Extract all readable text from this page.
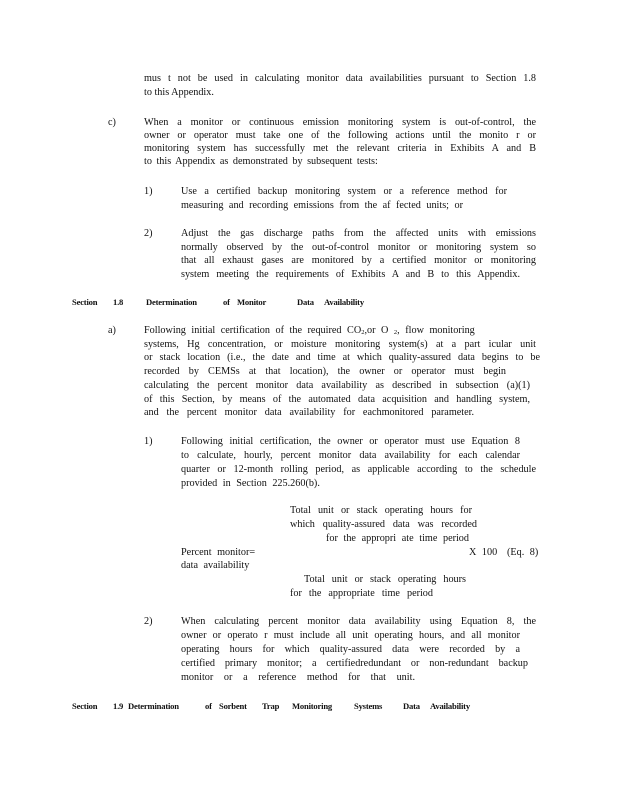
mus t not be used in calculating monitor data availabilities pursuant to Section 1.8
to this Appendix.
c)	When a monitor or continuous emission monitoring system is out-of-control, the
owner or operator must take one of the following actions until the monito r or
monitoring system has successfully met the relevant criteria in Exhibits A and B
to this Appendix as demonstrated by subsequent tests:
1)	Use a certified backup monitoring system or a reference method for
measuring and recording emissions from the af fected units; or
2)	Adjust the gas discharge paths from the affected units with emissions
normally observed by the out-of-control monitor or monitoring system so
that all exhaust gases are monitored by a certified monitor or monitoring
system meeting the requirements of Exhibits A and B to this Appendix.
Section 1.8	Determination	of Monitor	Data Availability
a)	Following initial certification of the required $CO_2,or$ O $_2$, flow monitoring
systems, Hg concentration, or moisture monitoring system(s) at a part icular unit
or stack location (i.e., the date and time at which quality-assured data begins to be
recorded by CEMSs at that location), the owner or operator must begin
calculating the percent monitor data availability as described in subsection (a)(1)
of this Section, by means of the automated data acquisition and handling system,
and the percent monitor data availability for eachmonitored parameter.
1)	Following initial certification, the owner or operator must use Equation 8
to calculate, hourly, percent monitor data availability for each calendar
quarter or 12-month rolling period, as applicable according to the schedule
provided in Section 225.260(b).
Total unit or stack operating hours for
which quality-assured data was recorded
for the appropri ate time period
Percent monitor=
data availability
X 100 (Eq. 8)
Total unit or stack operating hours
for the appropriate time period
2)	When calculating percent monitor data availability using Equation 8, the
owner or operato r must include all unit operating hours, and all monitor
operating hours for which quality-assured data were recorded by a
certified primary monitor; a certifiedredundant or non-redundant backup
monitor or a reference method for that unit.
Section 1.9 Determination	of Sorbent Trap Monitoring	Systems Data Availability
